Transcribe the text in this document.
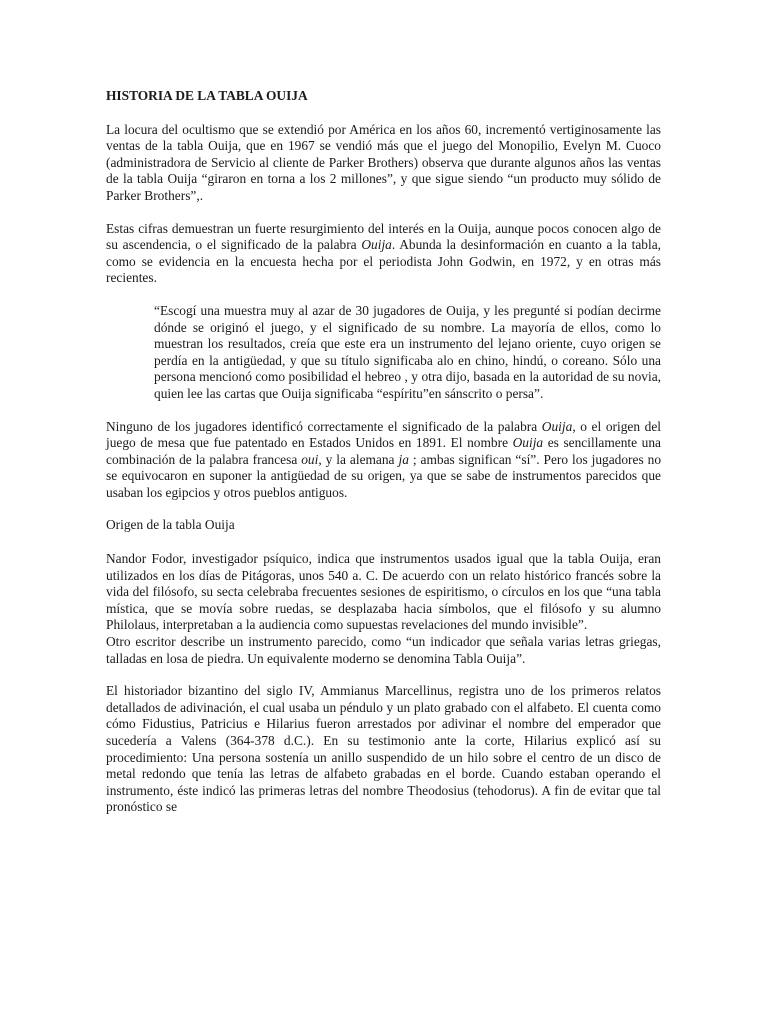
HISTORIA DE LA TABLA OUIJA

La locura del ocultismo que se extendió por América en los años 60, incrementó vertiginosamente las ventas de la tabla Ouija, que en 1967 se vendió más que el juego del Monopilio, Evelyn M. Cuoco (administradora de Servicio al cliente de Parker Brothers) observa que durante algunos años las ventas de la tabla Ouija “giraron en torna a los 2 millones”, y que sigue siendo “un producto muy sólido de Parker Brothers”,.

Estas cifras demuestran un fuerte resurgimiento del interés en la Ouija, aunque pocos conocen algo de su ascendencia, o el significado de la palabra Ouija. Abunda la desinformación en cuanto a la tabla, como se evidencia en la encuesta hecha por el periodista John Godwin, en 1972, y en otras más recientes.

“Escogí una muestra muy al azar de 30 jugadores de Ouija, y les pregunté si podían decirme dónde se originó el juego, y el significado de su nombre. La mayoría de ellos, como lo muestran los resultados, creía que este era un instrumento del lejano oriente, cuyo origen se perdía en la antigüedad, y que su título significaba alo en chino, hindú, o coreano. Sólo una persona mencionó como posibilidad el hebreo , y otra dijo, basada en la autoridad de su novia, quien lee las cartas que Ouija significaba “espíritu”en sánscrito o persa”.

Ninguno de los jugadores identificó correctamente el significado de la palabra Ouija, o el origen del juego de mesa que fue patentado en Estados Unidos en 1891. El nombre Ouija es sencillamente una combinación de la palabra francesa oui, y la alemana ja ; ambas significan “sí”. Pero los jugadores no se equivocaron en suponer la antigüedad de su origen, ya que se sabe de instrumentos parecidos que usaban los egipcios y otros pueblos antiguos.

Origen de la tabla Ouija

Nandor Fodor, investigador psíquico, indica que instrumentos usados igual que la tabla Ouija, eran utilizados en los días de Pitágoras, unos 540 a. C. De acuerdo con un relato histórico francés sobre la vida del filósofo, su secta celebraba frecuentes sesiones de espiritismo, o círculos en los que “una tabla mística, que se movía sobre ruedas, se desplazaba hacia símbolos, que el filósofo y su alumno Philolaus, interpretaban a la audiencia como supuestas revelaciones del mundo invisible”.

Otro escritor describe un instrumento parecido, como “un indicador que señala varias letras griegas, talladas en losa de piedra. Un equivalente moderno se denomina Tabla Ouija”.

El historiador bizantino del siglo IV, Ammianus Marcellinus, registra uno de los primeros relatos detallados de adivinación, el cual usaba un péndulo y un plato grabado con el alfabeto. El cuenta como cómo Fidustius, Patricius e Hilarius fueron arrestados por adivinar el nombre del emperador que sucedería a Valens (364-378 d.C.). En su testimonio ante la corte, Hilarius explicó así su procedimiento: Una persona sostenía un anillo suspendido de un hilo sobre el centro de un disco de metal redondo que tenía las letras de alfabeto grabadas en el borde. Cuando estaban operando el instrumento, éste indicó las primeras letras del nombre Theodosius (tehodorus). A fin de evitar que tal pronóstico se
